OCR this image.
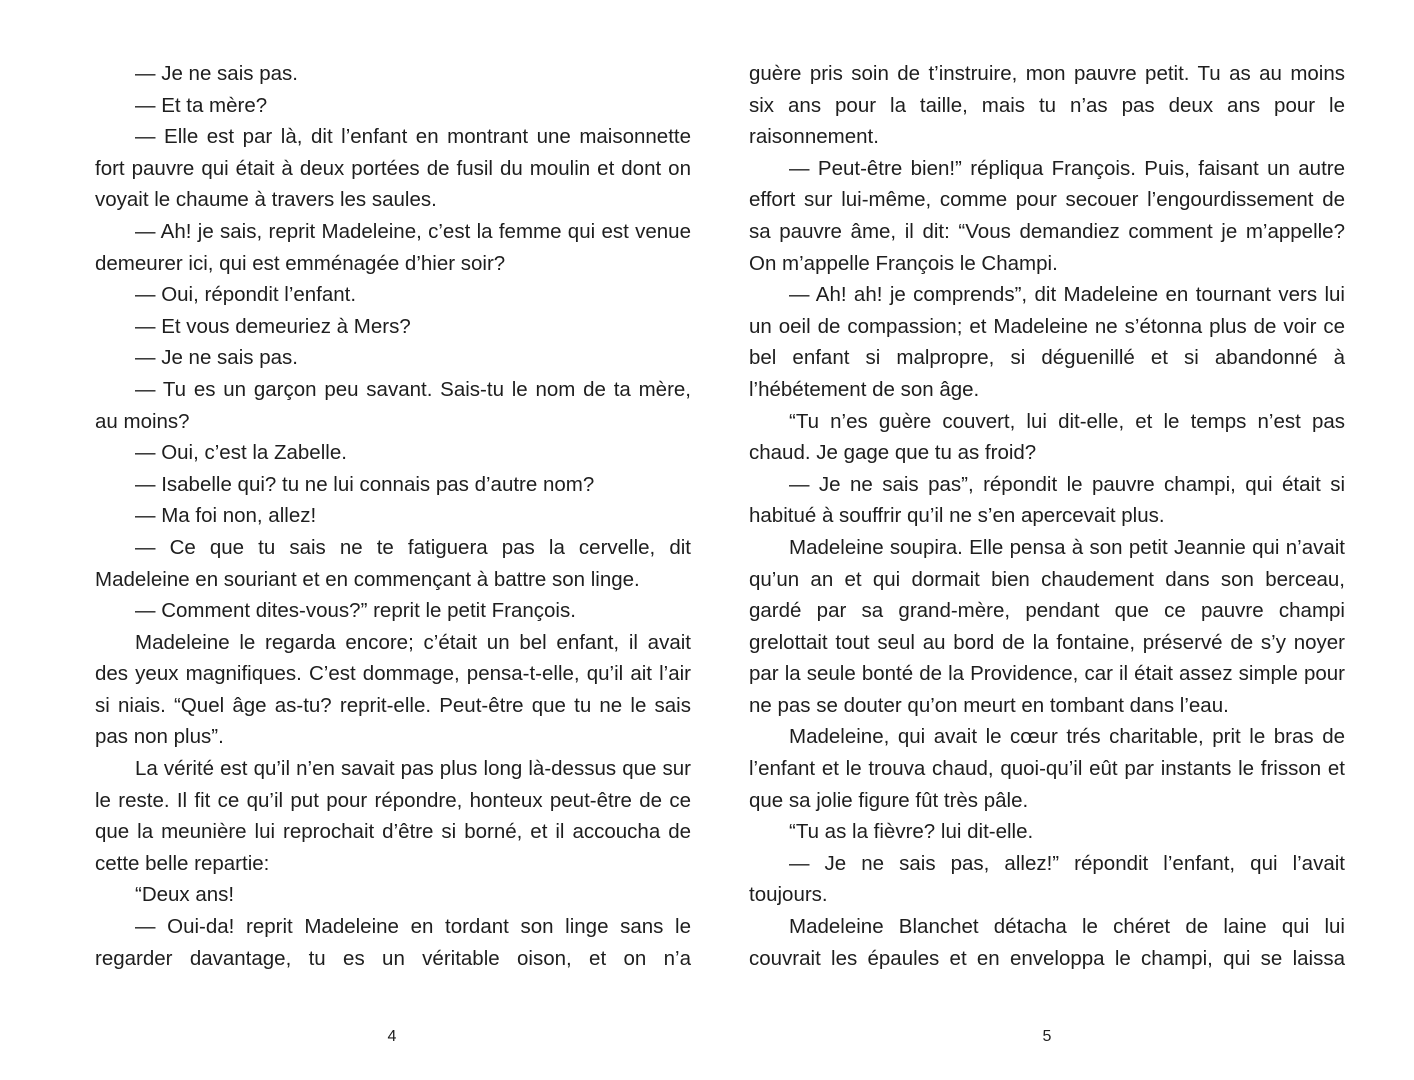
— Je ne sais pas.

— Et ta mère?

— Elle est par là, dit l’enfant en montrant une maisonnette fort pauvre qui était à deux portées de fusil du moulin et dont on voyait le chaume à travers les saules.

— Ah! je sais, reprit Madeleine, c’est la femme qui est venue demeurer ici, qui est emménagée d’hier soir?

— Oui, répondit l’enfant.

— Et vous demeuriez à Mers?

— Je ne sais pas.

— Tu es un garçon peu savant. Sais-tu le nom de ta mère, au moins?

— Oui, c’est la Zabelle.

— Isabelle qui? tu ne lui connais pas d’autre nom?

— Ma foi non, allez!

— Ce que tu sais ne te fatiguera pas la cervelle, dit Madeleine en souriant et en commençant à battre son linge.

— Comment dites-vous?” reprit le petit François.

Madeleine le regarda encore; c’était un bel enfant, il avait des yeux magnifiques. C’est dommage, pensa-t-elle, qu’il ait l’air si niais. “Quel âge as-tu? reprit-elle. Peut-être que tu ne le sais pas non plus”.

La vérité est qu’il n’en savait pas plus long là-dessus que sur le reste. Il fit ce qu’il put pour répondre, honteux peut-être de ce que la meunière lui reprochait d’être si borné, et il accoucha de cette belle repartie:

“Deux ans!

— Oui-da! reprit Madeleine en tordant son linge sans le regarder davantage, tu es un véritable oison, et on n’a

4

guère pris soin de t’instruire, mon pauvre petit. Tu as au moins six ans pour la taille, mais tu n’as pas deux ans pour le raisonnement.

— Peut-être bien!” répliqua François. Puis, faisant un autre effort sur lui-même, comme pour secouer l’engourdissement de sa pauvre âme, il dit: “Vous demandiez comment je m’appelle? On m’appelle François le Champi.

— Ah! ah! je comprends”, dit Madeleine en tournant vers lui un oeil de compassion; et Madeleine ne s’étonna plus de voir ce bel enfant si malpropre, si déguenillé et si abandonné à l’hébétement de son âge.

“Tu n’es guère couvert, lui dit-elle, et le temps n’est pas chaud. Je gage que tu as froid?

— Je ne sais pas”, répondit le pauvre champi, qui était si habitué à souffrir qu’il ne s’en apercevait plus.

Madeleine soupira. Elle pensa à son petit Jeannie qui n’avait qu’un an et qui dormait bien chaudement dans son berceau, gardé par sa grand-mère, pendant que ce pauvre champi grelottait tout seul au bord de la fontaine, préservé de s’y noyer par la seule bonté de la Providence, car il était assez simple pour ne pas se douter qu’on meurt en tombant dans l’eau.

Madeleine, qui avait le cœur trés charitable, prit le bras de l’enfant et le trouva chaud, quoi-qu’il eût par instants le frisson et que sa jolie figure fût très pâle.

“Tu as la fièvre? lui dit-elle.

— Je ne sais pas, allez!” répondit l’enfant, qui l’avait toujours.

Madeleine Blanchet détacha le chéret de laine qui lui couvrait les épaules et en enveloppa le champi, qui se laissa

5
